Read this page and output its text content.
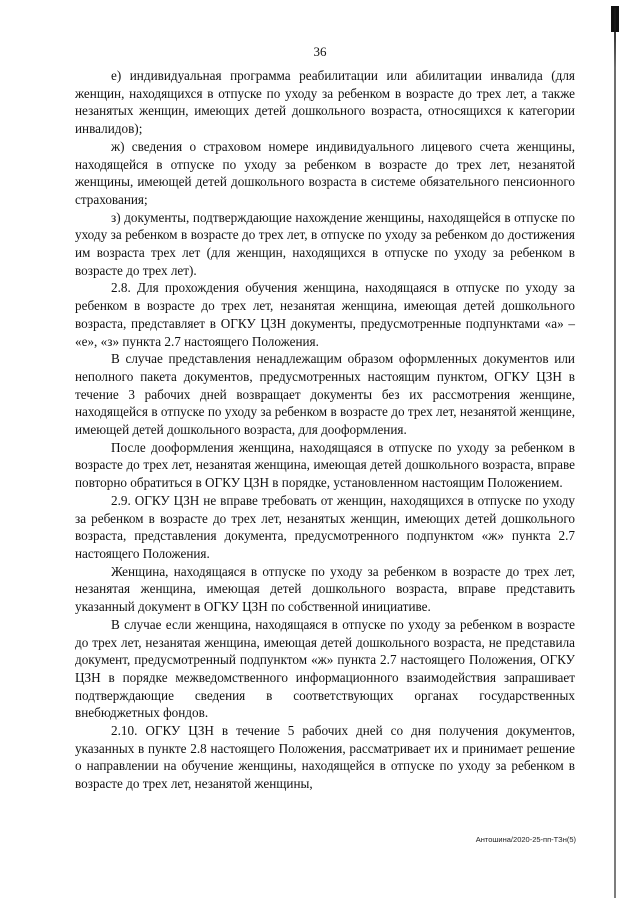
36

е) индивидуальная программа реабилитации или абилитации инвалида (для женщин, находящихся в отпуске по уходу за ребенком в возрасте до трех лет, а также незанятых женщин, имеющих детей дошкольного возраста, относящихся к категории инвалидов);

ж) сведения о страховом номере индивидуального лицевого счета женщины, находящейся в отпуске по уходу за ребенком в возрасте до трех лет, незанятой женщины, имеющей детей дошкольного возраста в системе обязательного пенсионного страхования;

з) документы, подтверждающие нахождение женщины, находящейся в отпуске по уходу за ребенком в возрасте до трех лет, в отпуске по уходу за ребенком до достижения им возраста трех лет (для женщин, находящихся в отпуске по уходу за ребенком в возрасте до трех лет).

2.8. Для прохождения обучения женщина, находящаяся в отпуске по уходу за ребенком в возрасте до трех лет, незанятая женщина, имеющая детей дошкольного возраста, представляет в ОГКУ ЦЗН документы, предусмотренные подпунктами «а» – «е», «з» пункта 2.7 настоящего Положения.

В случае представления ненадлежащим образом оформленных документов или неполного пакета документов, предусмотренных настоящим пунктом, ОГКУ ЦЗН в течение 3 рабочих дней возвращает документы без их рассмотрения женщине, находящейся в отпуске по уходу за ребенком в возрасте до трех лет, незанятой женщине, имеющей детей дошкольного возраста, для дооформления.

После дооформления женщина, находящаяся в отпуске по уходу за ребенком в возрасте до трех лет, незанятая женщина, имеющая детей дошкольного возраста, вправе повторно обратиться в ОГКУ ЦЗН в порядке, установленном настоящим Положением.

2.9. ОГКУ ЦЗН не вправе требовать от женщин, находящихся в отпуске по уходу за ребенком в возрасте до трех лет, незанятых женщин, имеющих детей дошкольного возраста, представления документа, предусмотренного подпунктом «ж» пункта 2.7 настоящего Положения.

Женщина, находящаяся в отпуске по уходу за ребенком в возрасте до трех лет, незанятая женщина, имеющая детей дошкольного возраста, вправе представить указанный документ в ОГКУ ЦЗН по собственной инициативе.

В случае если женщина, находящаяся в отпуске по уходу за ребенком в возрасте до трех лет, незанятая женщина, имеющая детей дошкольного возраста, не представила документ, предусмотренный подпунктом «ж» пункта 2.7 настоящего Положения, ОГКУ ЦЗН в порядке межведомственного информационного взаимодействия запрашивает подтверждающие сведения в соответствующих органах государственных внебюджетных фондов.

2.10. ОГКУ ЦЗН в течение 5 рабочих дней со дня получения документов, указанных в пункте 2.8 настоящего Положения, рассматривает их и принимает решение о направлении на обучение женщины, находящейся в отпуске по уходу за ребенком в возрасте до трех лет, незанятой женщины,

Антошина/2020-25-пп-ТЗн(5)
